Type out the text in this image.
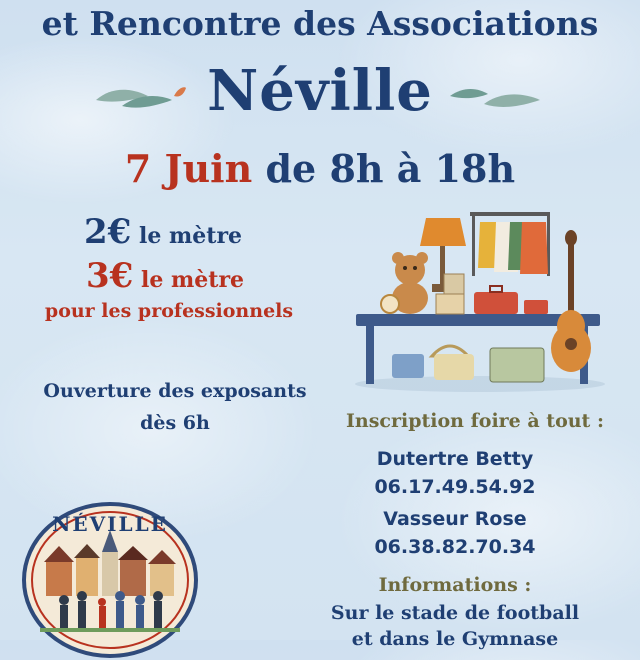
et Rencontre des Associations
Néville
7 Juin de 8h à 18h
2€ le mètre
3€ le mètre
pour les professionnels
Ouverture des exposants
dès 6h	Inscription foire à tout :
Dutertre Betty
06.17.49.54.92
Vasseur Rose
06.38.82.70.34
Informations :
Sur le stade de football
et dans le Gymnase
NÉVILLE
